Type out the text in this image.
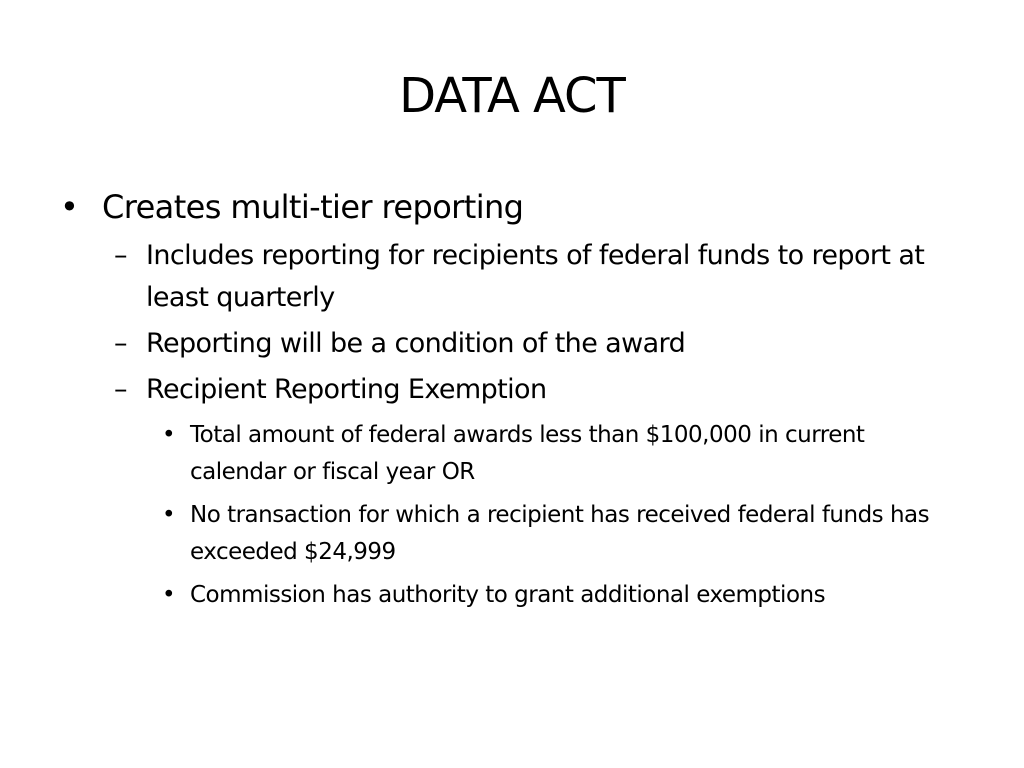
DATA ACT
• Creates multi-tier reporting
– Includes reporting for recipients of federal funds to report at least quarterly
– Reporting will be a condition of the award
– Recipient Reporting Exemption
• Total amount of federal awards less than $100,000 in current calendar or fiscal year OR
• No transaction for which a recipient has received federal funds has exceeded $24,999
• Commission has authority to grant additional exemptions
